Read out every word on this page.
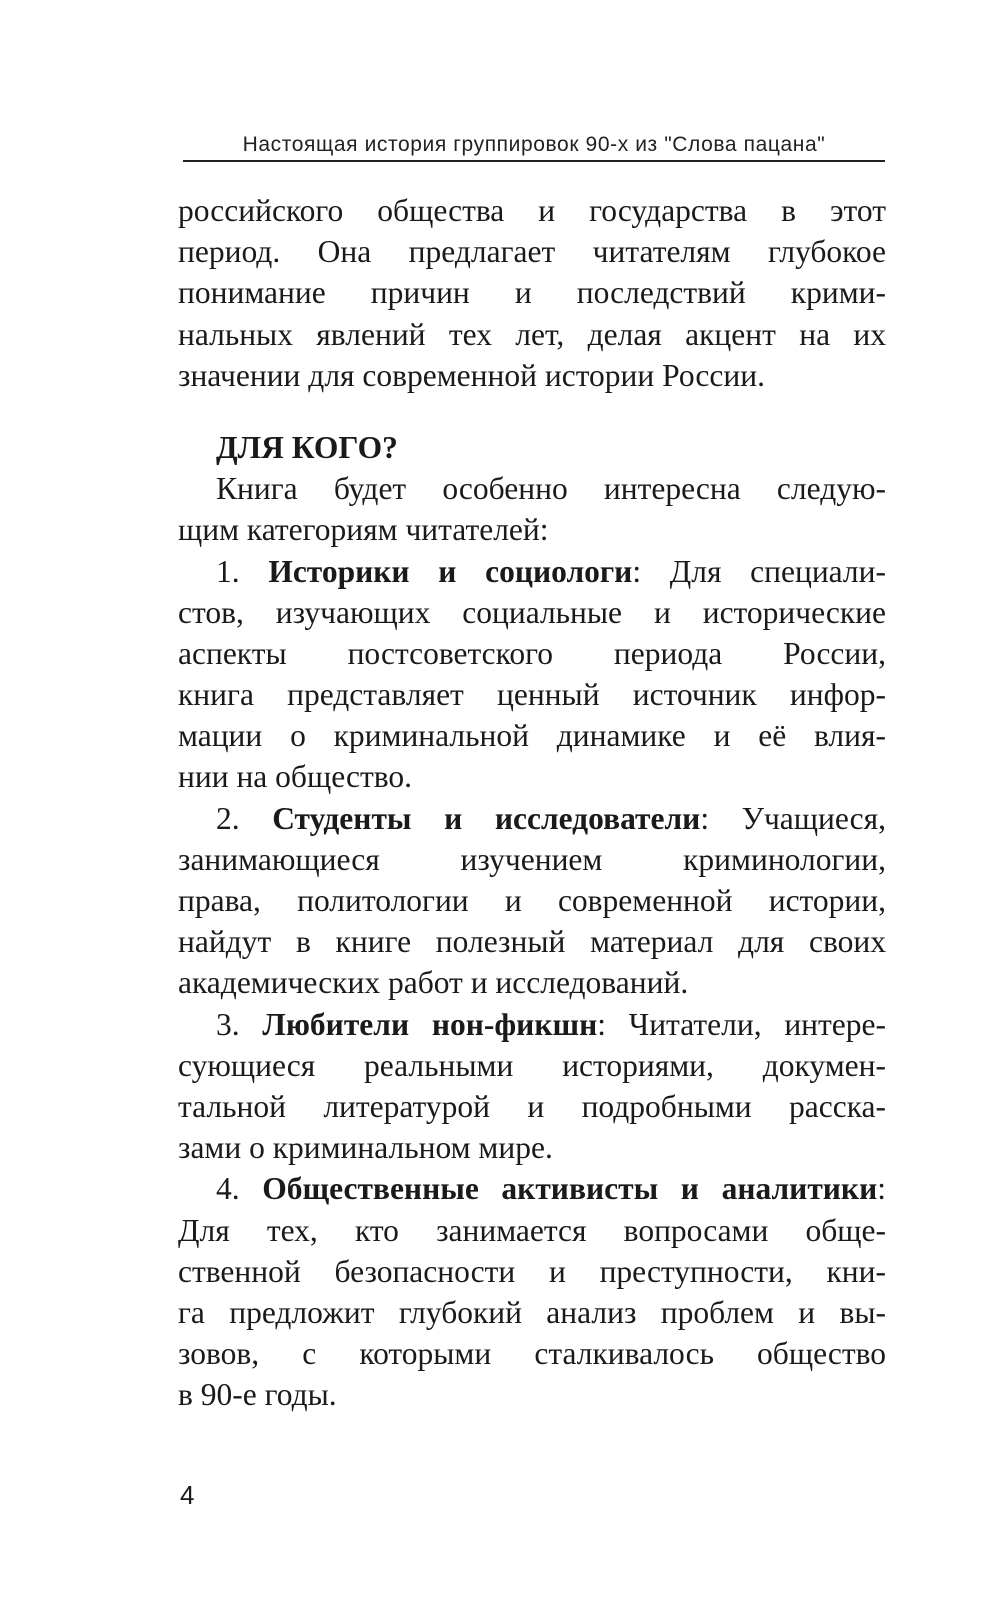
Настоящая история группировок 90-х из "Слова пацана"
российского общества и государства в этот
период. Она предлагает читателям глубокое
понимание причин и последствий крими-
нальных явлений тех лет, делая акцент на их
значении для современной истории России.
ДЛЯ КОГО?
Книга будет особенно интересна следую-
щим категориям читателей:
1. Историки и социологи: Для специали-
стов, изучающих социальные и исторические
аспекты постсоветского периода России,
книга представляет ценный источник инфор-
мации о криминальной динамике и её влия-
нии на общество.
2. Студенты и исследователи: Учащиеся,
занимающиеся изучением криминологии,
права, политологии и современной истории,
найдут в книге полезный материал для своих
академических работ и исследований.
3. Любители нон-фикшн: Читатели, интере-
сующиеся реальными историями, докумен-
тальной литературой и подробными расска-
зами о криминальном мире.
4. Общественные активисты и аналитики:
Для тех, кто занимается вопросами обще-
ственной безопасности и преступности, кни-
га предложит глубокий анализ проблем и вы-
зовов, с которыми сталкивалось общество
в 90-е годы.
4
